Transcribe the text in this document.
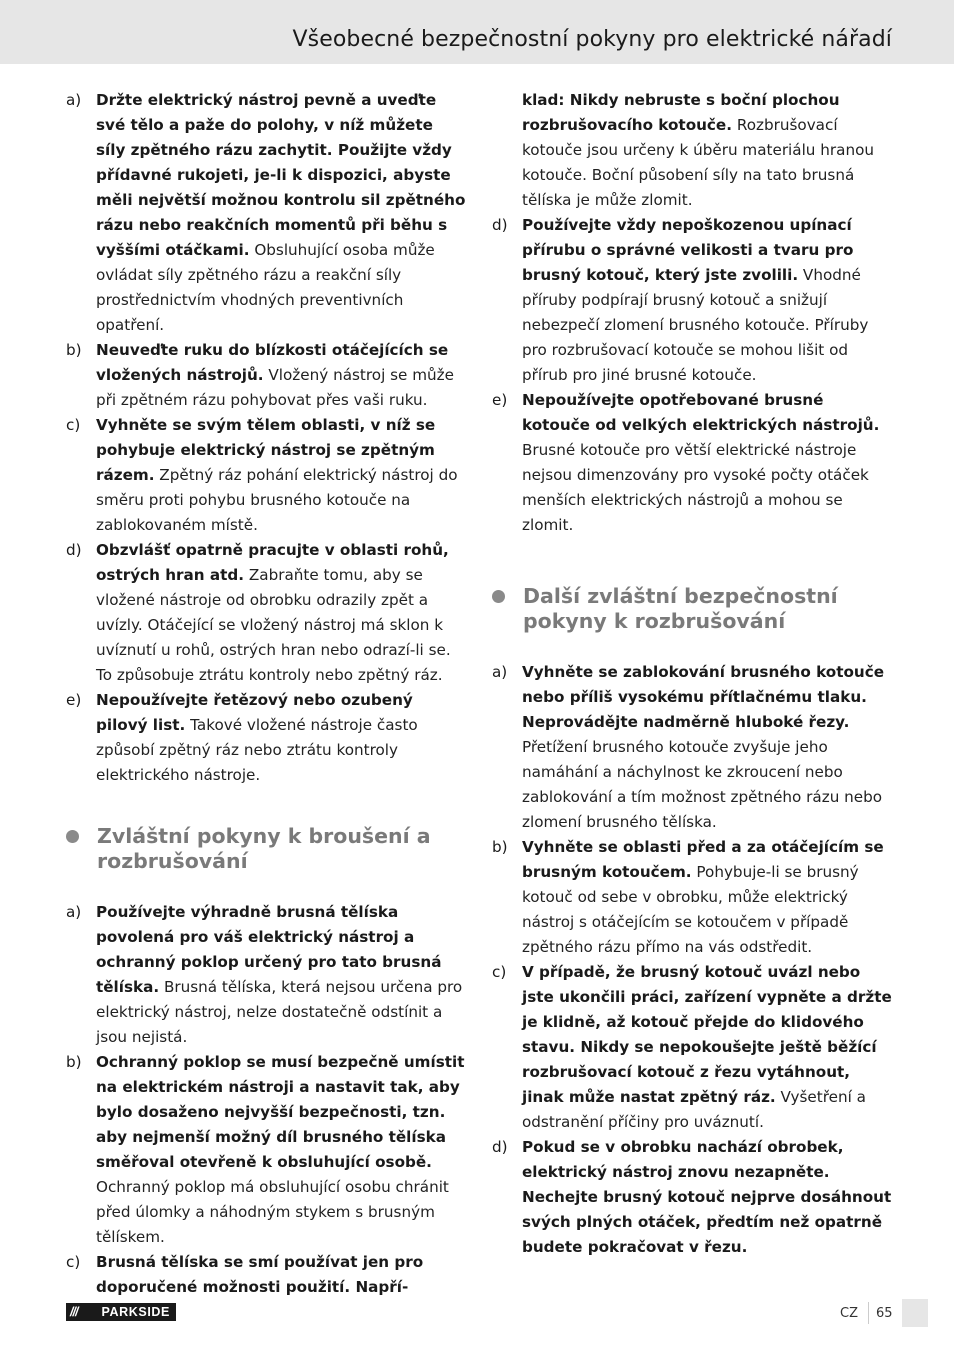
Všeobecné bezpečnostní pokyny pro elektrické nářadí
a) Držte elektrický nástroj pevně a uveďte své tělo a paže do polohy, v níž můžete síly zpětného rázu zachytit. Použijte vždy přídavné rukojeti, je-li k dispozici, abyste měli největší možnou kontrolu sil zpětného rázu nebo reakčních momentů při běhu s vyššími otáčkami. Obsluhující osoba může ovládat síly zpětného rázu a reakční síly prostřednictvím vhodných preventivních opatření.
b) Neuveďte ruku do blízkosti otáčejících se vložených nástrojů. Vložený nástroj se může při zpětném rázu pohybovat přes vaši ruku.
c)	Vyhněte se svým tělem oblasti, v níž se pohybuje elektrický nástroj se zpětným rázem. Zpětný ráz pohání elektrický nástroj do směru proti pohybu brusného kotouče na zablokovaném místě.
d) Obzvlášť opatrně pracujte v oblasti rohů, ostrých hran atd. Zabraňte tomu, aby se vložené nástroje od obrobku odrazily zpět a uvízly. Otáčející se vložený nástroj má sklon k uvíznutí u rohů, ostrých hran nebo odrazí-li se. To způsobuje ztrátu kontroly nebo zpětný ráz.
e) Nepoužívejte řetězový nebo ozubený pilový list. Takové vložené nástroje často způsobí zpětný ráz nebo ztrátu kontroly elektrického nástroje.
Zvláštní pokyny k broušení a rozbrušování
a) Používejte výhradně brusná tělíska povolená pro váš elektrický nástroj a ochranný poklop určený pro tato brusná tělíska. Brusná tělíska, která nejsou určena pro elektrický nástroj, nelze dostatečně odstínit a jsou nejistá.
b) Ochranný poklop se musí bezpečně umístit na elektrickém nástroji a nastavit tak, aby bylo dosaženo nejvyšší bezpečnosti, tzn. aby nejmenší možný díl brusného tělíska směřoval otevřeně k obsluhující osobě. Ochranný poklop má obsluhující osobu chránit před úlomky a náhodným stykem s brusným tělískem.
c)	Brusná tělíska se smí používat jen pro doporučené možnosti použití. Napří-
klad: Nikdy nebruste s boční plochou rozbrušovacího kotouče. Rozbrušovací kotouče jsou určeny k úběru materiálu hranou kotouče. Boční působení síly na tato brusná tělíska je může zlomit.
d) Používejte vždy nepoškozenou upínací přírubu o správné velikosti a tvaru pro brusný kotouč, který jste zvolili. Vhodné příruby podpírají brusný kotouč a snižují nebezpečí zlomení brusného kotouče. Příruby pro rozbrušovací kotouče se mohou lišit od přírub pro jiné brusné kotouče.
e) Nepoužívejte opotřebované brusné kotouče od velkých elektrických nástrojů. Brusné kotouče pro větší elektrické nástroje nejsou dimenzovány pro vysoké počty otáček menších elektrických nástrojů a mohou se zlomit.
Další zvláštní bezpečnostní pokyny k rozbrušování
a) Vyhněte se zablokování brusného kotouče nebo příliš vysokému přítlačnému tlaku. Neprovádějte nadměrně hluboké řezy. Přetížení brusného kotouče zvyšuje jeho namáhání a náchylnost ke zkroucení nebo zablokování a tím možnost zpětného rázu nebo zlomení brusného tělíska.
b) Vyhněte se oblasti před a za otáčejícím se brusným kotoučem. Pohybuje-li se brusný kotouč od sebe v obrobku, může elektrický nástroj s otáčejícím se kotoučem v případě zpětného rázu přímo na vás odstředit.
c)	V případě, že brusný kotouč uvázl nebo jste ukončili práci, zařízení vypněte a držte je klidně, až kotouč přejde do klidového stavu. Nikdy se nepokoušejte ještě běžící rozbrušovací kotouč z řezu vytáhnout, jinak může nastat zpětný ráz. Vyšetření a odstranění příčiny pro uváznutí.
d) Pokud se v obrobku nachází obrobek, elektrický nástroj znovu nezapněte. Nechejte brusný kotouč nejprve dosáhnout svých plných otáček, předtím než opatrně budete pokračovat v řezu.
/// PARKSIDE	CZ 65
